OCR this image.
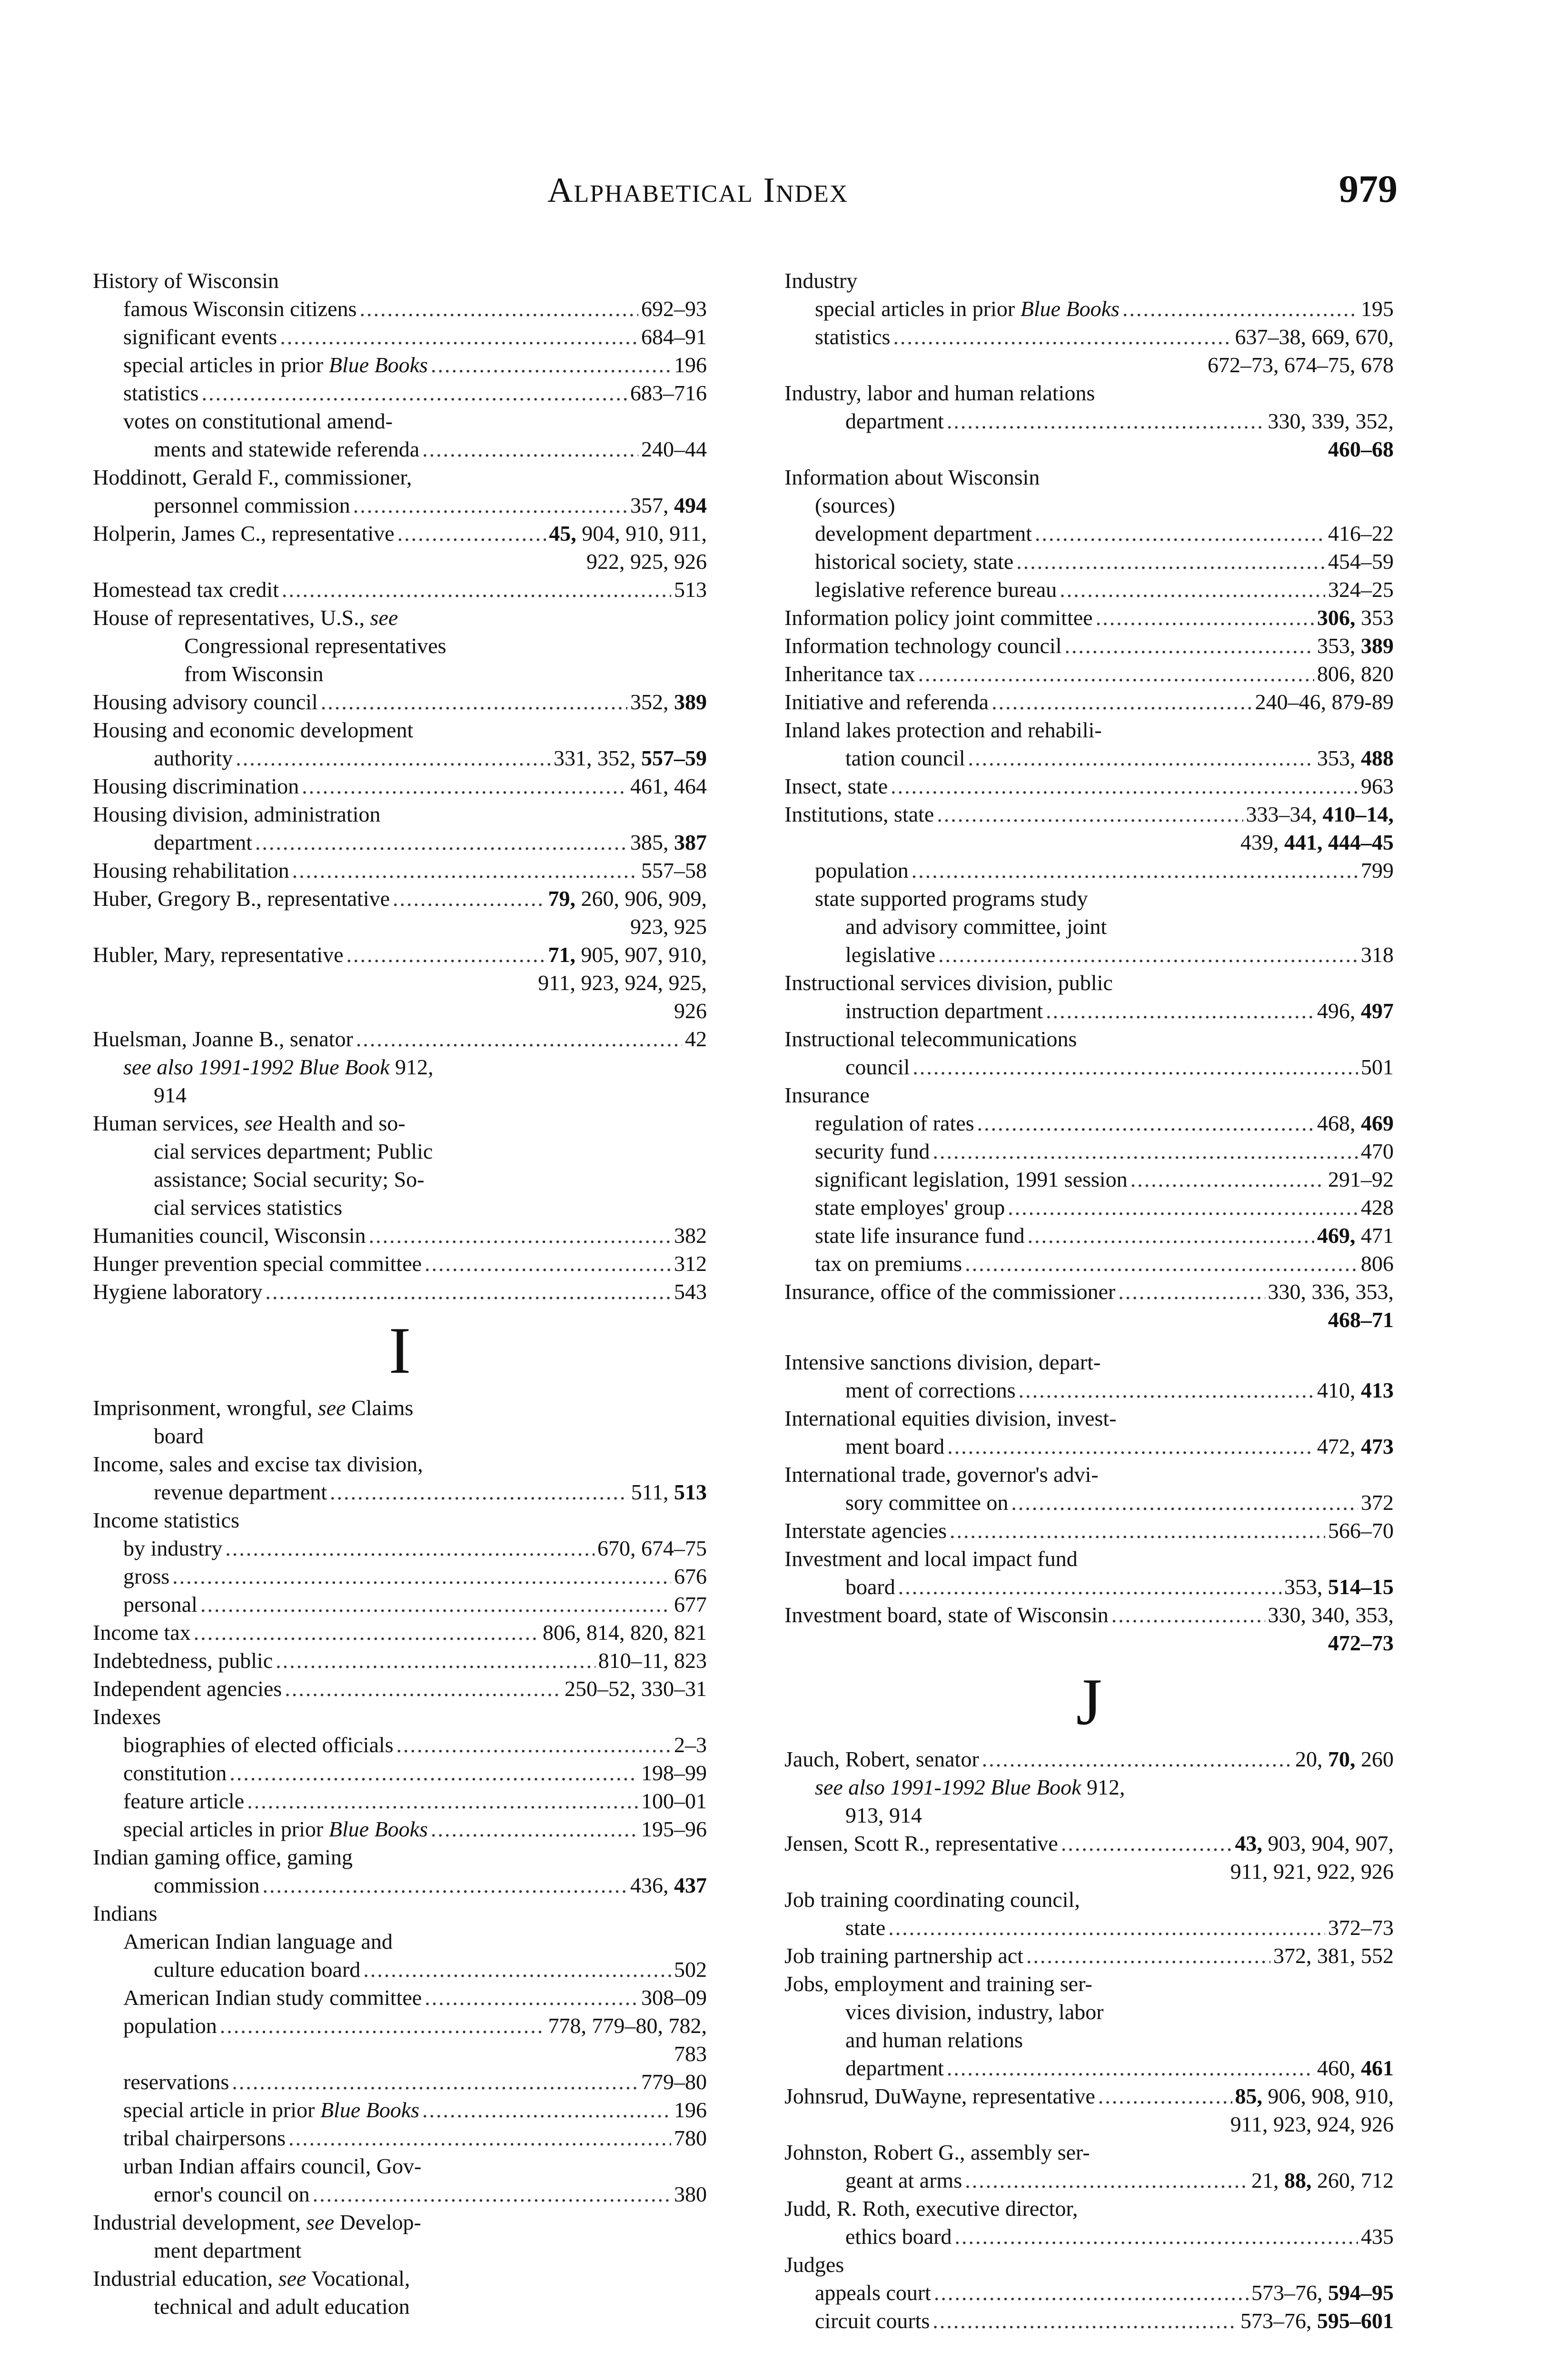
Alphabetical Index	979
History of Wisconsin
famous Wisconsin citizens .....	692–93
significant events .....	684–91
special articles in prior Blue Books .....	196
statistics .....	683–716
votes on constitutional amend-
ments and statewide referenda .....	240–44
Hoddinott, Gerald F., commissioner,
personnel commission .....	357, 494
Holperin, James C., representative .....	45, 904, 910, 911,
922, 925, 926
Homestead tax credit .....	513
House of representatives, U.S., see
Congressional representatives
from Wisconsin
Housing advisory council .....	352, 389
Housing and economic development
authority .....	331, 352, 557–59
Housing discrimination .....	461, 464
Housing division, administration
department .....	385, 387
Housing rehabilitation .....	557–58
Huber, Gregory B., representative .....	79, 260, 906, 909,
923, 925
Hubler, Mary, representative .....	71, 905, 907, 910,
911, 923, 924, 925,
926
Huelsman, Joanne B., senator .....	42
see also 1991-1992 Blue Book 912,
914
Human services, see Health and so-
cial services department; Public
assistance; Social security; So-
cial services statistics
Humanities council, Wisconsin .....	382
Hunger prevention special committee .....	312
Hygiene laboratory .....	543
I
Imprisonment, wrongful, see Claims
board
Income, sales and excise tax division,
revenue department .....	511, 513
Income statistics
by industry .....	670, 674–75
gross .....	676
personal .....	677
Income tax .....	806, 814, 820, 821
Indebtedness, public .....	810–11, 823
Independent agencies .....	250–52, 330–31
Indexes
biographies of elected officials .....	2–3
constitution .....	198–99
feature article .....	100–01
special articles in prior Blue Books .....	195–96
Indian gaming office, gaming
commission .....	436, 437
Indians
American Indian language and
culture education board .....	502
American Indian study committee .....	308–09
population .....	778, 779–80, 782,
783
reservations .....	779–80
special article in prior Blue Books .....	196
tribal chairpersons .....	780
urban Indian affairs council, Gov-
ernor's council on .....	380
Industrial development, see Develop-
ment department
Industrial education, see Vocational,
technical and adult education
Industry
special articles in prior Blue Books .....	195
statistics .....	637–38, 669, 670,
672–73, 674–75, 678
Industry, labor and human relations
department .....	330, 339, 352,
460–68
Information about Wisconsin
(sources)
development department .....	416–22
historical society, state .....	454–59
legislative reference bureau .....	324–25
Information policy joint committee .....	306, 353
Information technology council .....	353, 389
Inheritance tax .....	806, 820
Initiative and referenda .....	240–46, 879-89
Inland lakes protection and rehabili-
tation council .....	353, 488
Insect, state .....	963
Institutions, state .....	333–34, 410–14,
439, 441, 444–45
population .....	799
state supported programs study
and advisory committee, joint
legislative .....	318
Instructional services division, public
instruction department .....	496, 497
Instructional telecommunications
council .....	501
Insurance
regulation of rates .....	468, 469
security fund .....	470
significant legislation, 1991 session .....	291–92
state employes' group .....	428
state life insurance fund .....	469, 471
tax on premiums .....	806
Insurance, office of the commissioner .....	330, 336, 353,
468–71
Intensive sanctions division, depart-
ment of corrections .....	410, 413
International equities division, invest-
ment board .....	472, 473
International trade, governor's advi-
sory committee on .....	372
Interstate agencies .....	566–70
Investment and local impact fund
board .....	353, 514–15
Investment board, state of Wisconsin .....	330, 340, 353,
472–73
J
Jauch, Robert, senator .....	20, 70, 260
see also 1991-1992 Blue Book 912,
913, 914
Jensen, Scott R., representative .....	43, 903, 904, 907,
911, 921, 922, 926
Job training coordinating council,
state .....	372–73
Job training partnership act .....	372, 381, 552
Jobs, employment and training ser-
vices division, industry, labor
and human relations
department .....	460, 461
Johnsrud, DuWayne, representative .....	85, 906, 908, 910,
911, 923, 924, 926
Johnston, Robert G., assembly ser-
geant at arms .....	21, 88, 260, 712
Judd, R. Roth, executive director,
ethics board .....	435
Judges
appeals court .....	573–76, 594–95
circuit courts .....	573–76, 595–601
